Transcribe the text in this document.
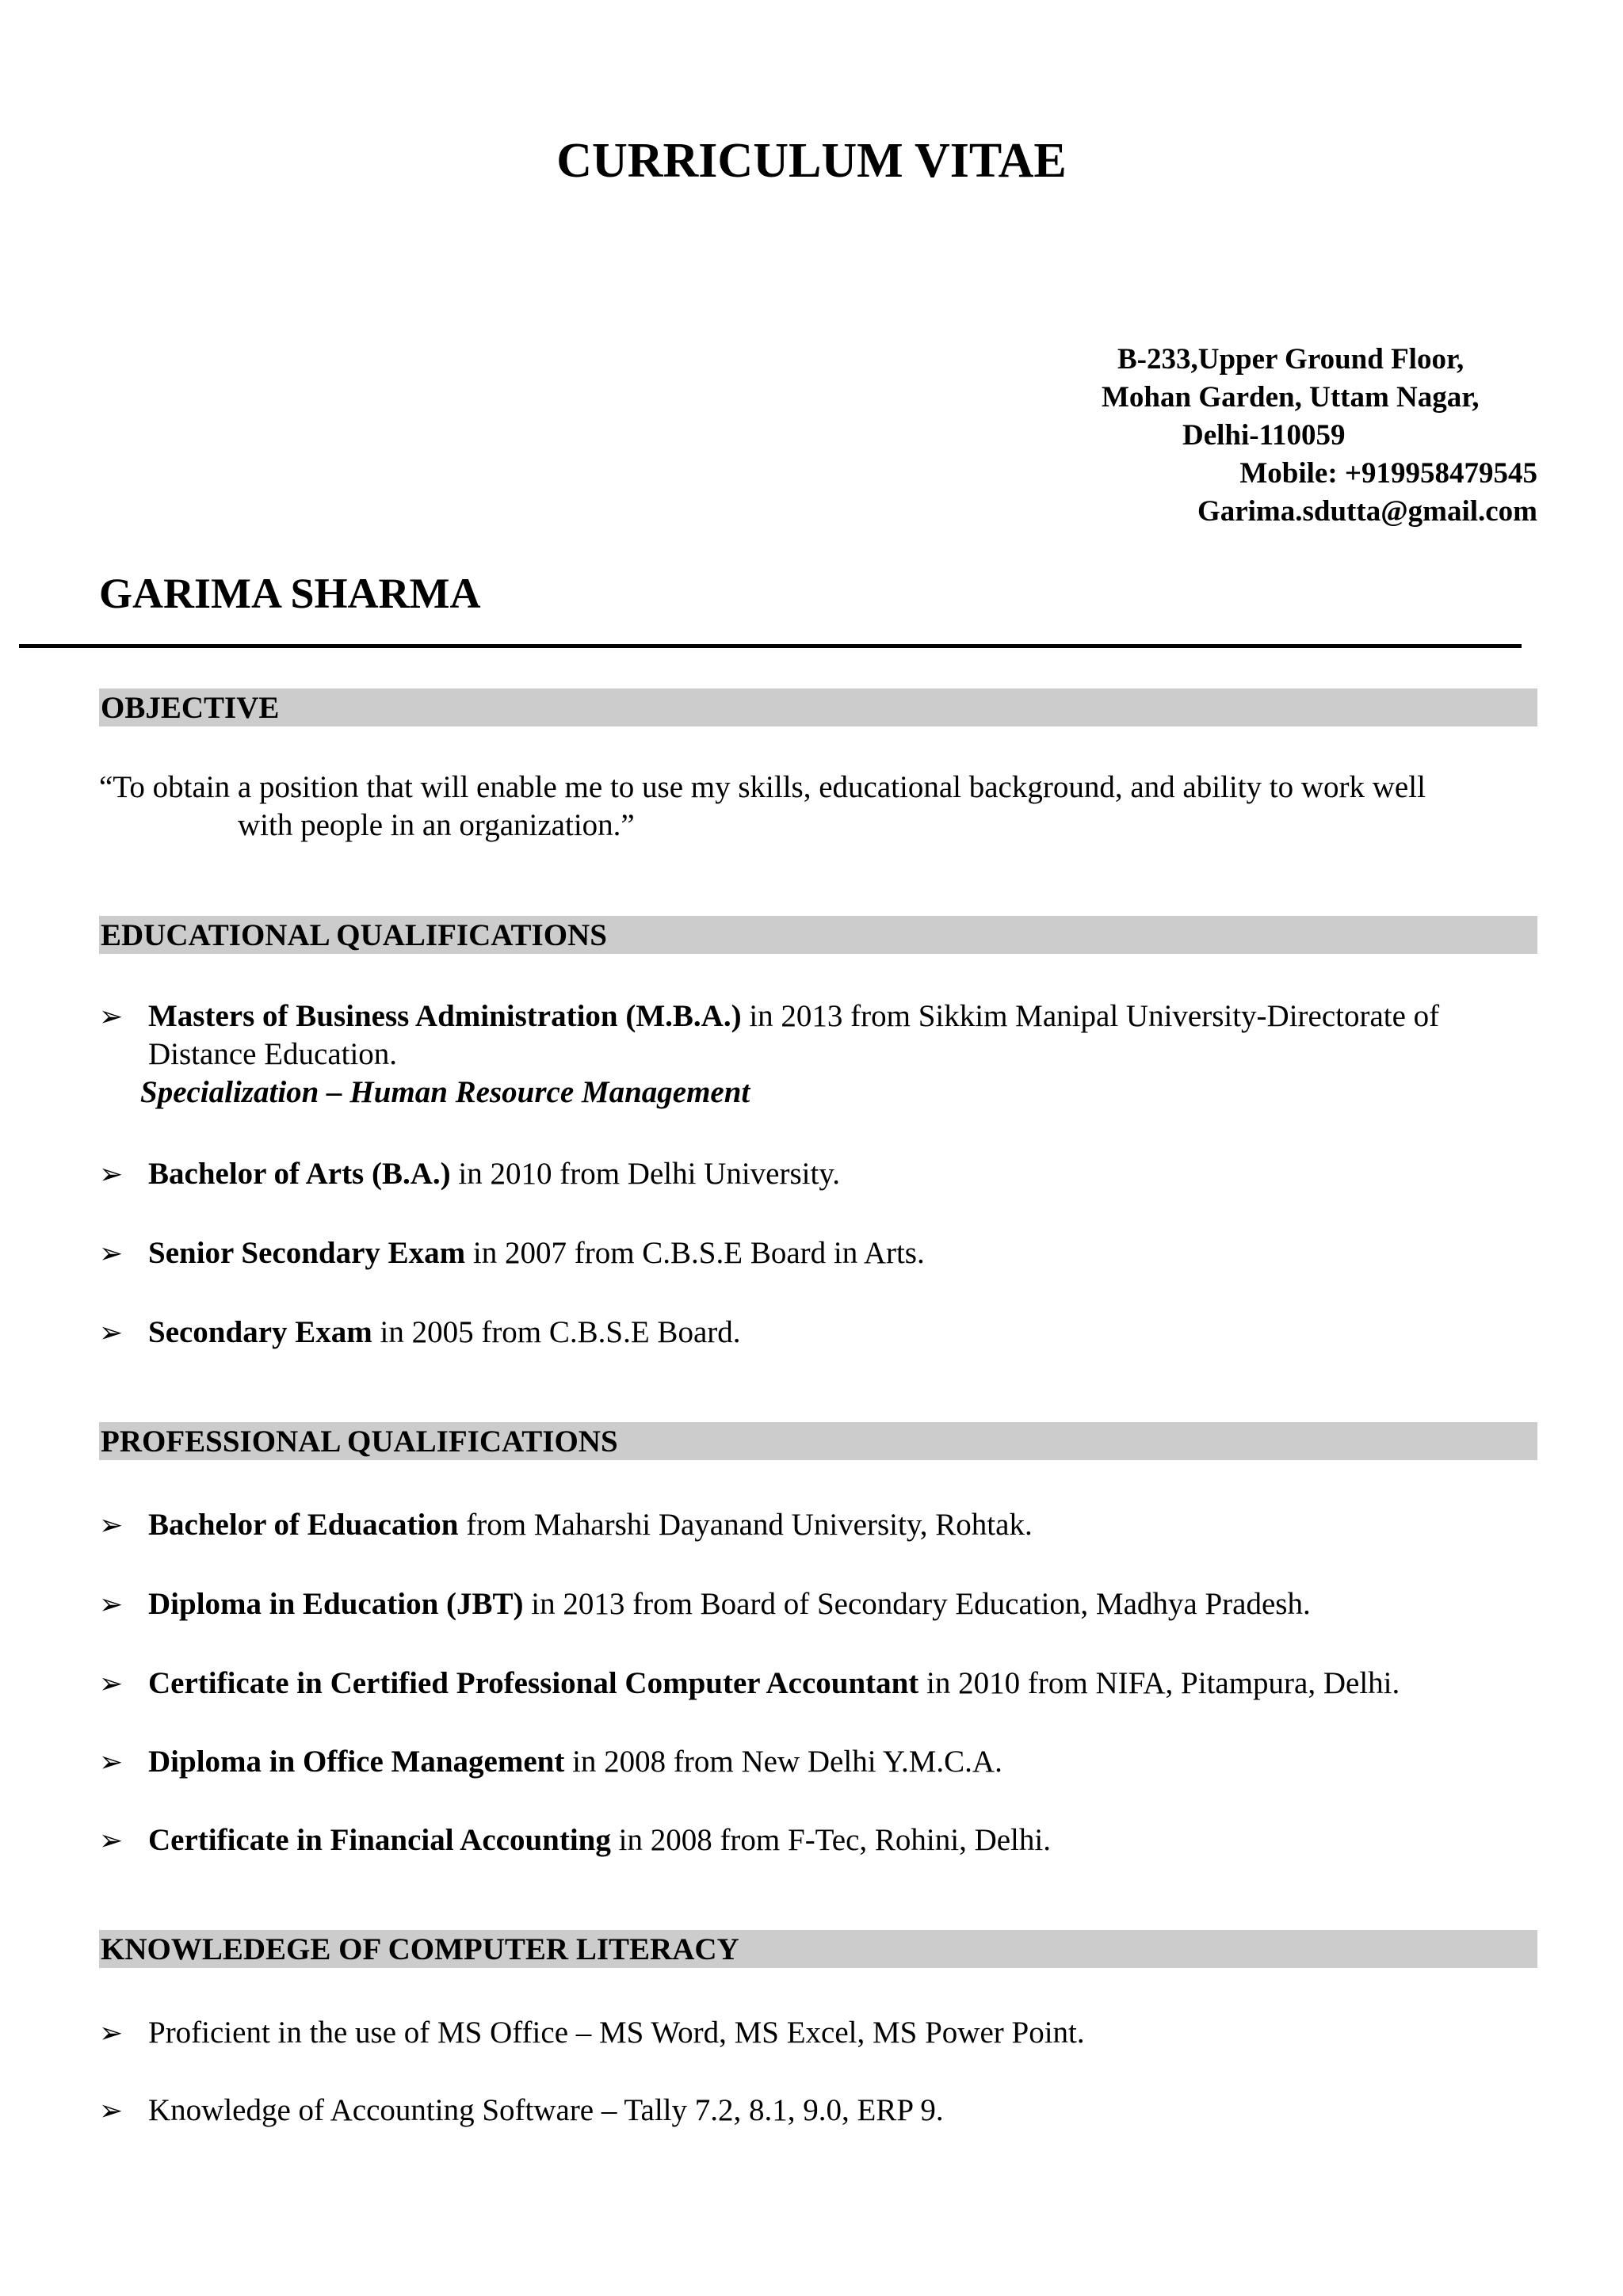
CURRICULUM VITAE
B-233,Upper Ground Floor,
Mohan Garden, Uttam Nagar,
Delhi-110059
Mobile: +919958479545
Garima.sdutta@gmail.com
GARIMA SHARMA
OBJECTIVE
“To obtain a position that will enable me to use my skills, educational background, and ability to work well
with people in an organization.”
EDUCATIONAL QUALIFICATIONS
➢ Masters of Business Administration (M.B.A.) in 2013 from Sikkim Manipal University-Directorate of
Distance Education.
Specialization – Human Resource Management
➢ Bachelor of Arts (B.A.) in 2010 from Delhi University.
➢ Senior Secondary Exam in 2007 from C.B.S.E Board in Arts.
➢ Secondary Exam in 2005 from C.B.S.E Board.
PROFESSIONAL QUALIFICATIONS
➢ Bachelor of Eduacation from Maharshi Dayanand University, Rohtak.
➢ Diploma in Education (JBT) in 2013 from Board of Secondary Education, Madhya Pradesh.
➢ Certificate in Certified Professional Computer Accountant in 2010 from NIFA, Pitampura, Delhi.
➢ Diploma in Office Management in 2008 from New Delhi Y.M.C.A.
➢ Certificate in Financial Accounting in 2008 from F-Tec, Rohini, Delhi.
KNOWLEDEGE OF COMPUTER LITERACY
➢ Proficient in the use of MS Office – MS Word, MS Excel, MS Power Point.
➢ Knowledge of Accounting Software – Tally 7.2, 8.1, 9.0, ERP 9.
